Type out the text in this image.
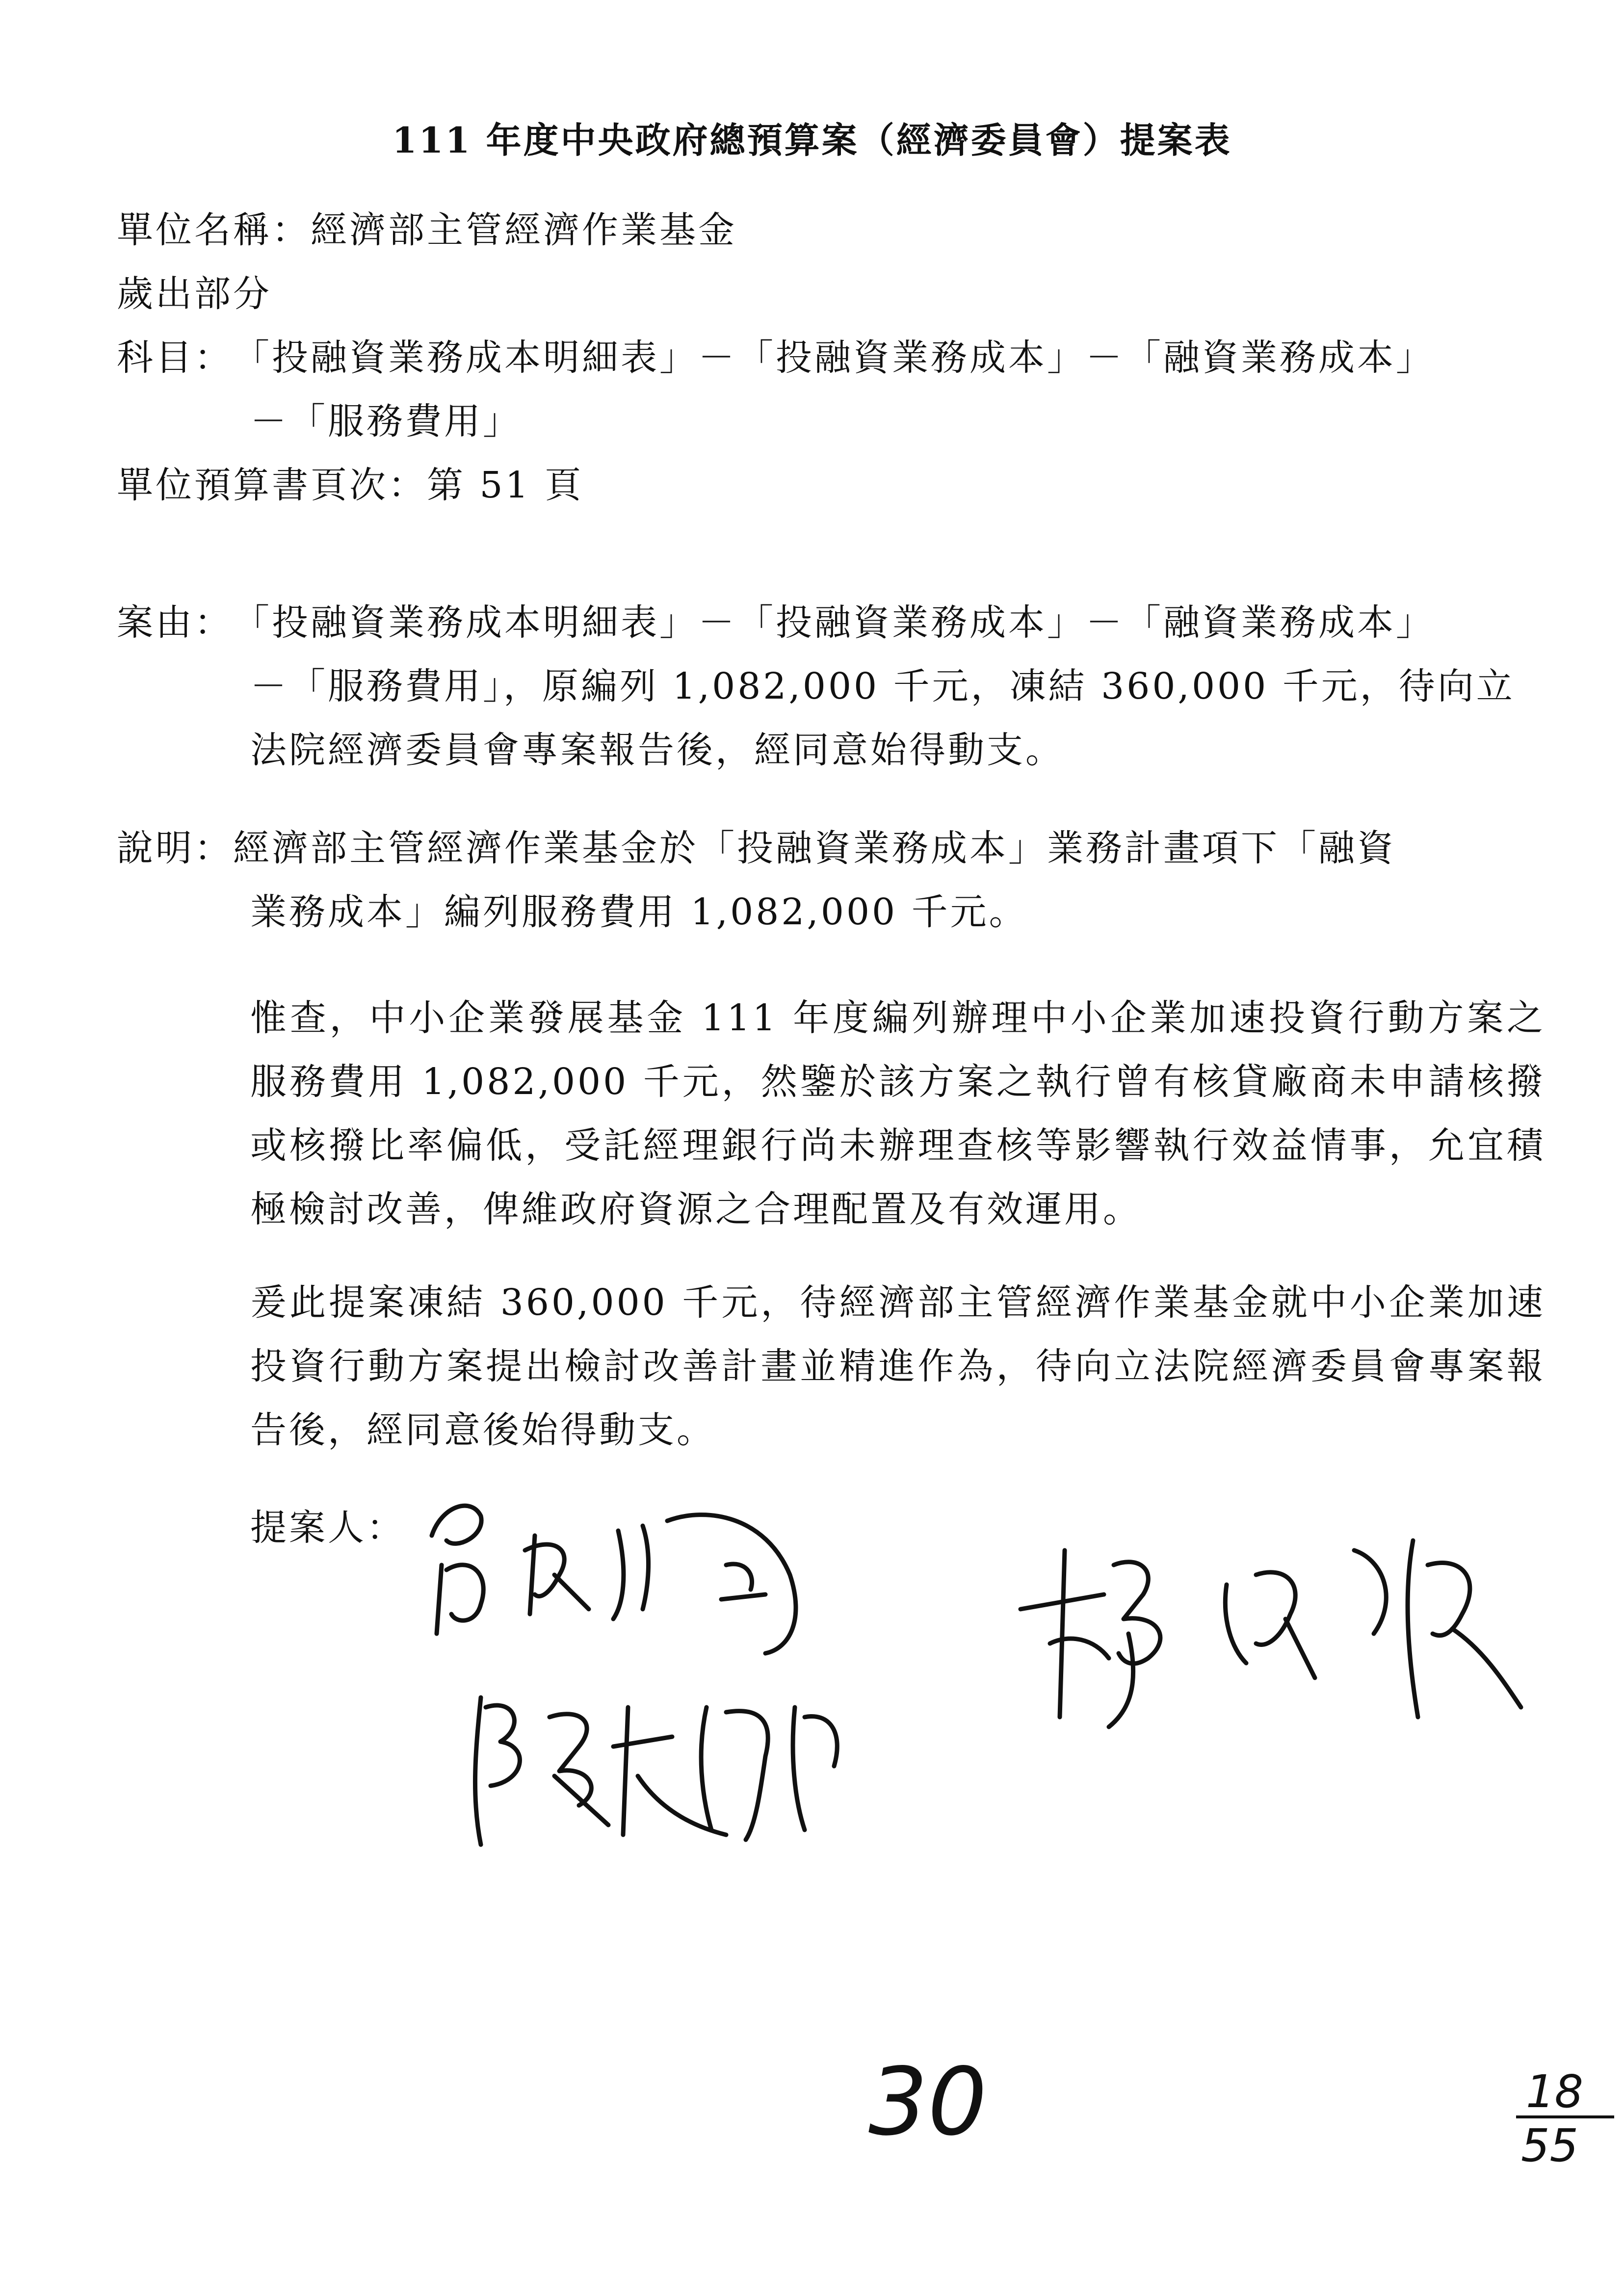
111 年度中央政府總預算案（經濟委員會）提案表
單位名稱：經濟部主管經濟作業基金
歲出部分
科目：「投融資業務成本明細表」－「投融資業務成本」－「融資業務成本」
－「服務費用」
單位預算書頁次：第 51 頁
案由：「投融資業務成本明細表」－「投融資業務成本」－「融資業務成本」
－「服務費用」，原編列 1,082,000 千元，凍結 360,000 千元，待向立
法院經濟委員會專案報告後，經同意始得動支。
說明：經濟部主管經濟作業基金於「投融資業務成本」業務計畫項下「融資
業務成本」編列服務費用 1,082,000 千元。
惟查，中小企業發展基金 111 年度編列辦理中小企業加速投資行動方案之服務費用 1,082,000 千元，然鑒於該方案之執行曾有核貸廠商未申請核撥或核撥比率偏低，受託經理銀行尚未辦理查核等影響執行效益情事，允宜積極檢討改善，俾維政府資源之合理配置及有效運用。
爰此提案凍結 360,000 千元，待經濟部主管經濟作業基金就中小企業加速投資行動方案提出檢討改善計畫並精進作為，待向立法院經濟委員會專案報告後，經同意後始得動支。
提案人：
30	18
55
